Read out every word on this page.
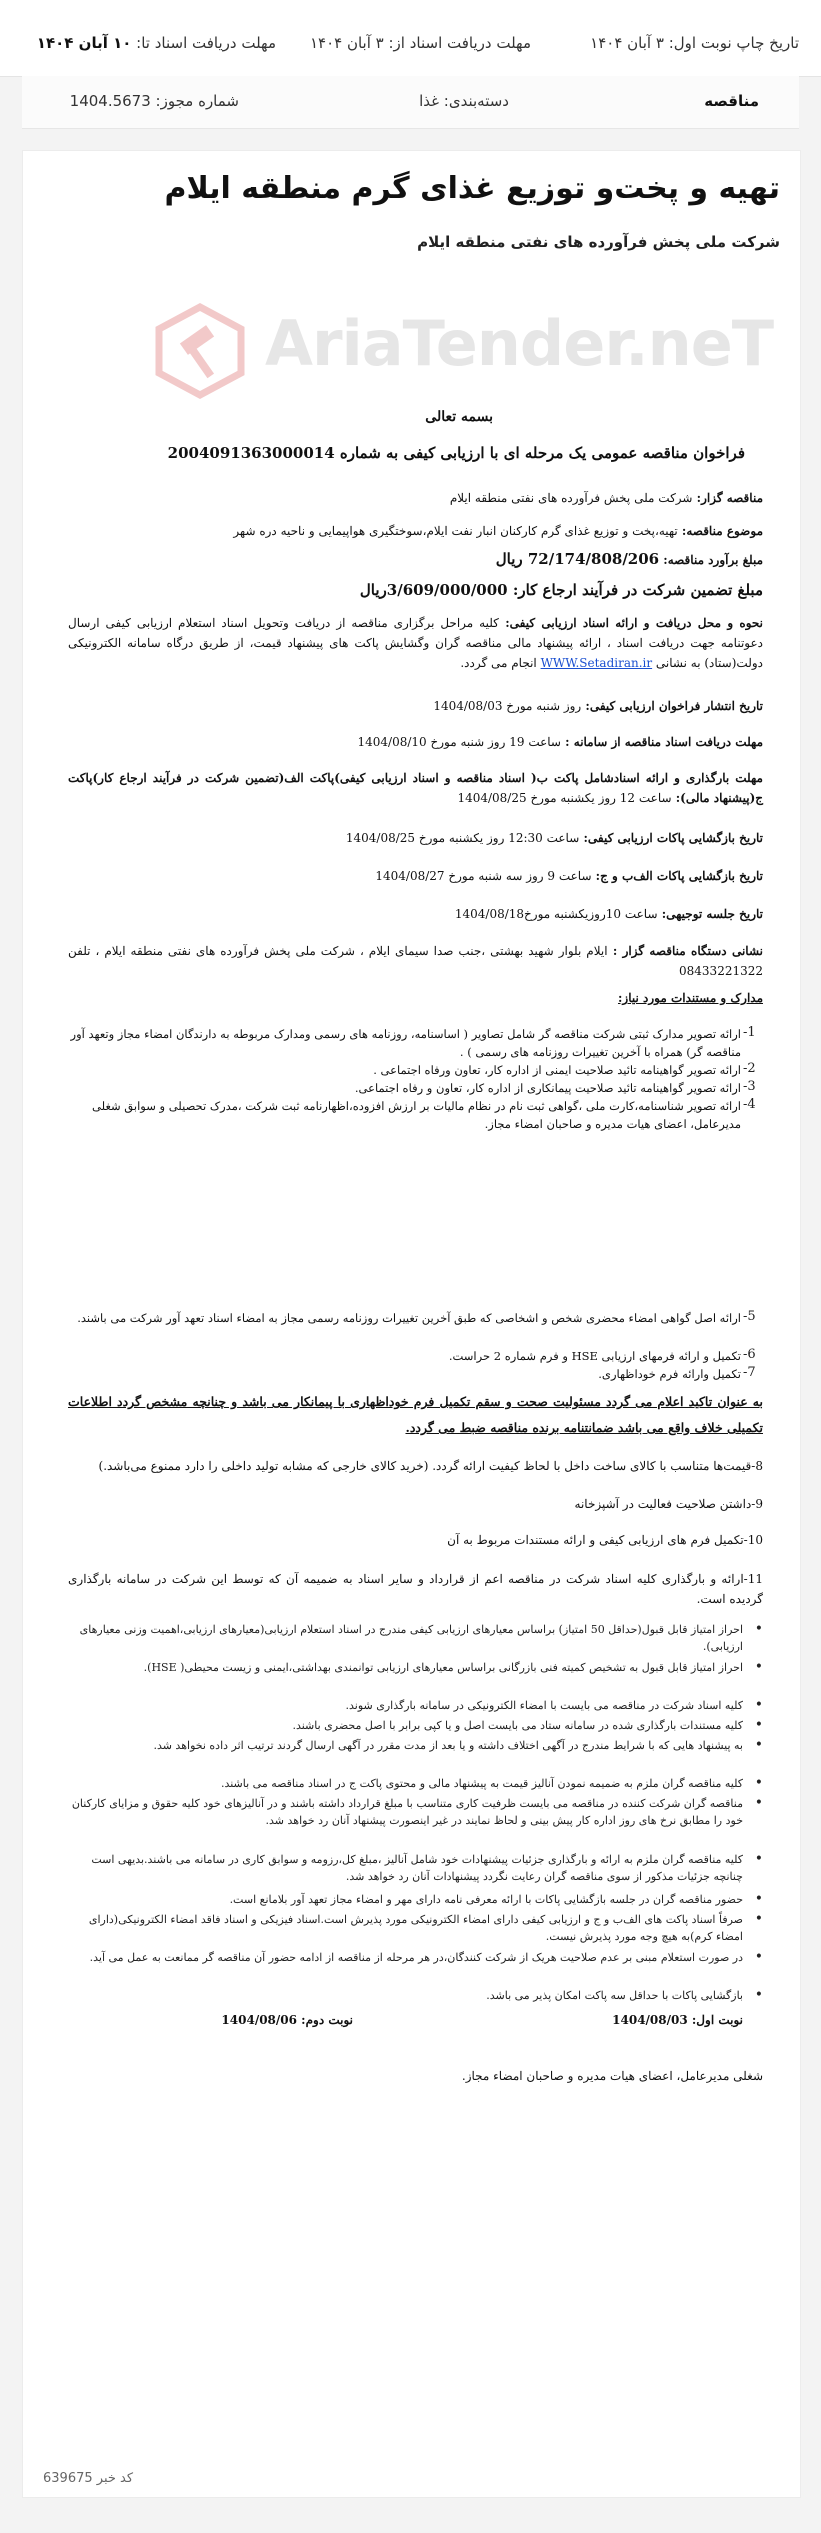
تاریخ چاپ نوبت اول: ۳ آبان ۱۴۰۴
مهلت دریافت اسناد از: ۳ آبان ۱۴۰۴
مهلت دریافت اسناد تا: ۱۰ آبان ۱۴۰۴
مناقصه
دسته‌بندی: غذا
شماره مجوز: 1404.5673
تهیه و پخت‌و توزیع غذای گرم منطقه ایلام
شرکت ملی پخش فرآورده های نفتی منطقه ایلام
AriaTender.neT
بسمه تعالی
فراخوان مناقصه عمومی یک مرحله ای با ارزیابی کیفی به شماره 2004091363000014
مناقصه گزار: شرکت ملی پخش فرآورده های نفتی منطقه ایلام
موضوع مناقصه: تهیه،پخت و توزیع غذای گرم کارکنان انبار نفت ایلام،سوختگیری هواپیمایی و ناحیه دره شهر
مبلغ برآورد مناقصه: 72/174/808/206 ریال
مبلغ تضمین شرکت در فرآیند ارجاع کار: 3/609/000/000ریال
نحوه و محل دریافت و ارائه اسناد ارزیابی کیفی: کلیه مراحل برگزاری مناقصه از دریافت وتحویل اسناد استعلام ارزیابی کیفی ارسال دعوتنامه جهت دریافت اسناد ، ارائه پیشنهاد مالی مناقصه گران وگشایش پاکت های پیشنهاد قیمت، از طریق درگاه سامانه الکترونیکی دولت(ستاد) به نشانی WWW.Setadiran.ir انجام می گردد.
تاریخ انتشار فراخوان ارزیابی کیفی: روز شنبه مورخ 1404/08/03
مهلت دریافت اسناد مناقصه از سامانه : ساعت 19 روز شنبه مورخ 1404/08/10
مهلت بارگذاری و ارائه اسنادشامل پاکت ب( اسناد مناقصه و اسناد ارزیابی کیفی)پاکت الف(تضمین شرکت در فرآیند ارجاع کار)پاکت ج(پیشنهاد مالی): ساعت 12 روز یکشنبه مورخ 1404/08/25
تاریخ بازگشایی پاکات ارزیابی کیفی: ساعت 12:30 روز یکشنبه مورخ 1404/08/25
تاریخ بازگشایی پاکات الف‌ب و ج: ساعت 9 روز سه شنبه مورخ 1404/08/27
تاریخ جلسه توجیهی: ساعت 10روزیکشنبه مورخ1404/08/18
نشانی دستگاه مناقصه گزار : ایلام بلوار شهید بهشتی ،جنب صدا سیمای ایلام ، شرکت ملی پخش فرآورده های نفتی منطقه ایلام ، تلفن 08433221322
مدارک و مستندات مورد نیاز:
1-
ارائه تصویر مدارک ثبتی شرکت مناقصه گر شامل تصاویر ( اساسنامه، روزنامه های رسمی ومدارک مربوطه به دارندگان امضاء مجاز وتعهد آور مناقصه گر) همراه با آخرین تغییرات روزنامه های رسمی ) .
2-
ارائه تصویر گواهینامه تائید صلاحیت ایمنی از اداره کار، تعاون ورفاه اجتماعی .
3-
ارائه تصویر گواهینامه تائید صلاحیت پیمانکاری از اداره کار، تعاون و رفاه اجتماعی.
4-
ارائه تصویر شناسنامه،کارت ملی ،گواهی ثبت نام در نظام مالیات بر ارزش افزوده،اظهارنامه ثبت شرکت ،مدرک تحصیلی و سوابق شغلی مدیرعامل، اعضای هیات مدیره و صاحبان امضاء مجاز.
5-
ارائه اصل گواهی امضاء محضری شخص و اشخاصی که طبق آخرین تغییرات روزنامه رسمی مجاز به امضاء اسناد تعهد آور شرکت می باشند.
6-
تکمیل و ارائه فرمهای ارزیابی HSE و فرم شماره 2 حراست.
7-
تکمیل وارائه فرم خوداظهاری.
به عنوان تاکید اعلام می گردد مسئولیت صحت و سقم تکمیل فرم خوداظهاری با پیمانکار می باشد و چنانچه مشخص گردد اطلاعات تکمیلی خلاف واقع می باشد ضمانتنامه برنده مناقصه ضبط می گردد.
8-قیمت‌ها متناسب با کالای ساخت داخل با لحاظ کیفیت ارائه گردد. (خرید کالای خارجی که مشابه تولید داخلی را دارد ممنوع می‌باشد.)
9-داشتن صلاحیت فعالیت در آشپزخانه
10-تکمیل فرم های ارزیابی کیفی و ارائه مستندات مربوط به آن
11-ارائه و بارگذاری کلیه اسناد شرکت در مناقصه اعم از قرارداد و سایر اسناد به ضمیمه آن که توسط این شرکت در سامانه بارگذاری گردیده است.
•
احراز امتیاز قابل قبول(حداقل 50 امتیاز) براساس معیارهای ارزیابی کیفی مندرج در اسناد استعلام ارزیابی(معیارهای ارزیابی،اهمیت وزنی معیارهای ارزیابی).
•
احراز امتیاز قابل قبول به تشخیص کمیته فنی بازرگانی براساس معیارهای ارزیابی توانمندی بهداشتی،ایمنی و زیست محیطی( HSE).
•
کلیه اسناد شرکت در مناقصه می بایست با امضاء الکترونیکی در سامانه بارگذاری شوند.
•
کلیه مستندات بارگذاری شده در سامانه ستاد می بایست اصل و یا کپی برابر با اصل محضری باشند.
•
به پیشنهاد هایی که با شرایط مندرج در آگهی اختلاف داشته و یا بعد از مدت مقرر در آگهی ارسال گردند ترتیب اثر داده نخواهد شد.
•
کلیه مناقصه گران ملزم به ضمیمه نمودن آنالیز قیمت به پیشنهاد مالی و محتوی پاکت ج در اسناد مناقصه می باشند.
•
مناقصه گران شرکت کننده در مناقصه می بایست ظرفیت کاری متناسب با مبلغ قرارداد داشته باشند و در آنالیزهای خود کلیه حقوق و مزایای کارکنان خود را مطابق نرخ های روز اداره کار پیش بینی و لحاظ نمایند در غیر اینصورت پیشنهاد آنان رد خواهد شد.
•
کلیه مناقصه گران ملزم به ارائه و بارگذاری جزئیات پیشنهادات خود شامل آنالیز ،مبلغ کل،رزومه و سوابق کاری در سامانه می باشند.بدیهی است چنانچه جزئیات مذکور از سوی مناقصه گران رعایت نگردد پیشنهادات آنان رد خواهد شد.
•
حضور مناقصه گران در جلسه بازگشایی پاکات با ارائه معرفی نامه دارای مهر و امضاء مجاز تعهد آور بلامانع است.
•
صرفاً اسناد پاکت های الف‌ب و ج و ارزیابی کیفی دارای امضاء الکترونیکی مورد پذیرش است.اسناد فیزیکی و اسناد فاقد امضاء الکترونیکی(دارای امضاء کرم)به هیچ وجه مورد پذیرش نیست.
•
در صورت استعلام مبنی بر عدم صلاحیت هریک از شرکت کنندگان،در هر مرحله از مناقصه از ادامه حضور آن مناقصه گر ممانعت به عمل می آید.
•
بازگشایی پاکات با حداقل سه پاکت امکان پذیر می باشد.
نوبت اول: 1404/08/03
نوبت دوم: 1404/08/06
شغلی مدیرعامل، اعضای هیات مدیره و صاحبان امضاء مجاز.
کد خبر 639675
